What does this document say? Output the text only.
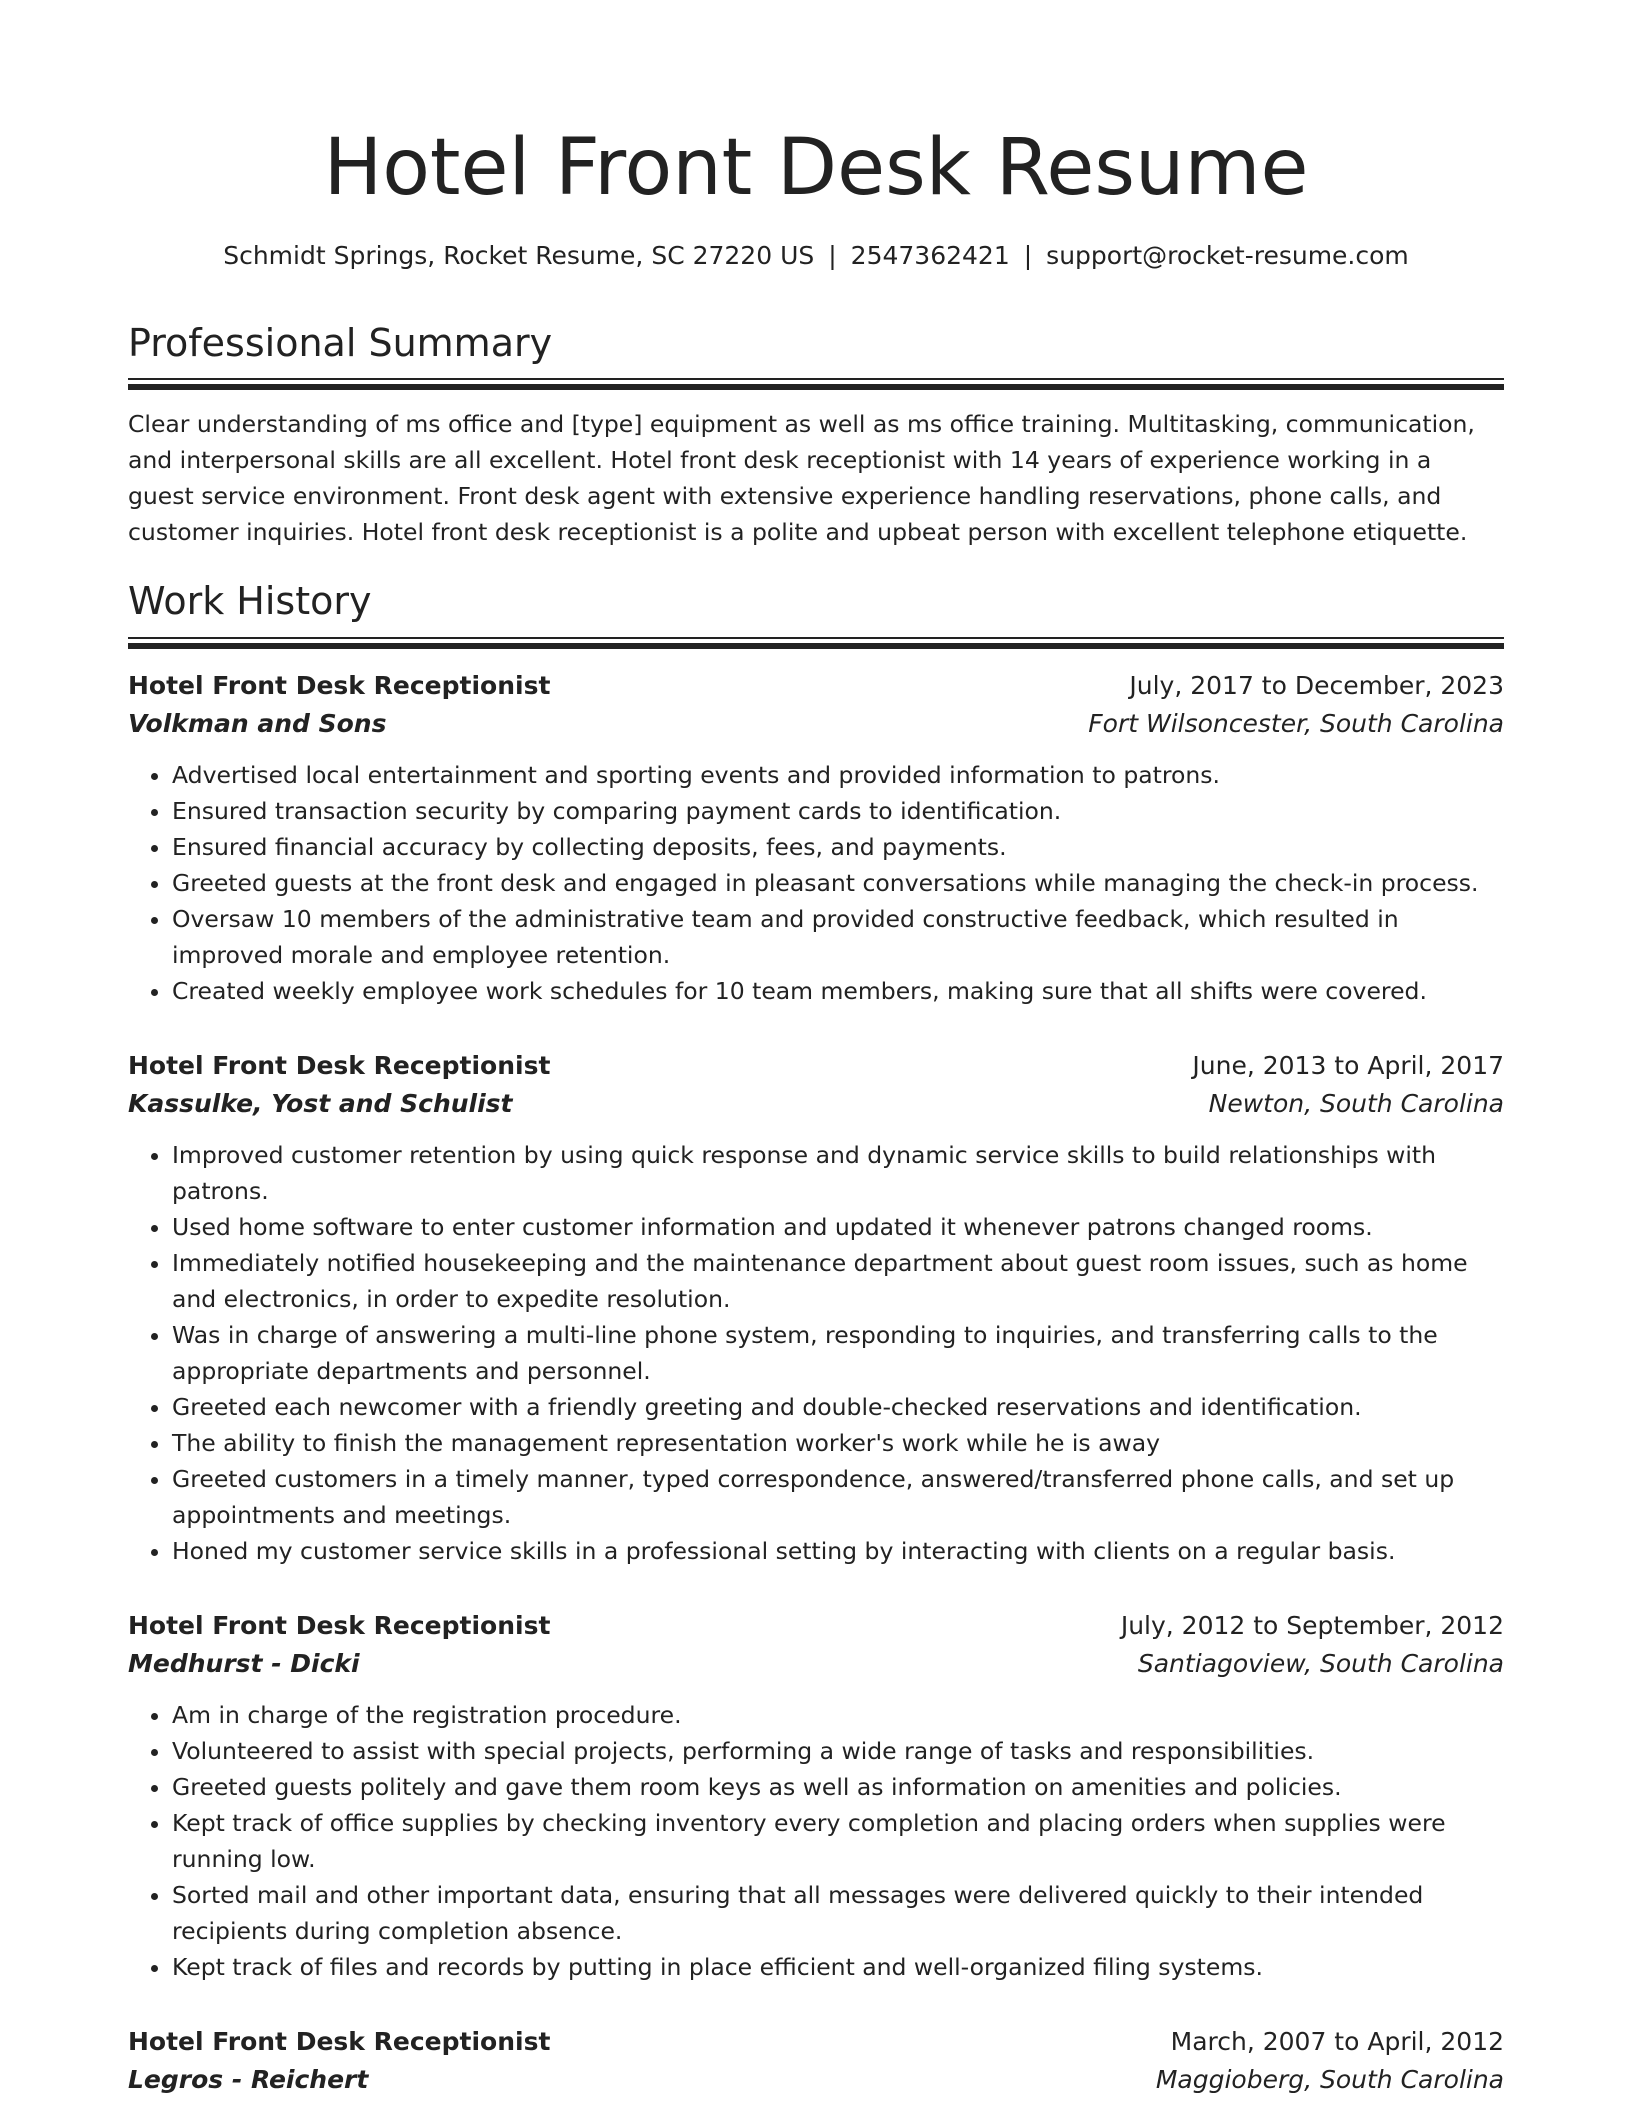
Hotel Front Desk Resume
Schmidt Springs, Rocket Resume, SC 27220 US | 2547362421 | support@rocket-resume.com
Professional Summary

Clear understanding of ms office and [type] equipment as well as ms office training. Multitasking, communication, and interpersonal skills are all excellent. Hotel front desk receptionist with 14 years of experience working in a guest service environment. Front desk agent with extensive experience handling reservations, phone calls, and customer inquiries. Hotel front desk receptionist is a polite and upbeat person with excellent telephone etiquette.

Work History
Hotel Front Desk Receptionist	July, 2017 to December, 2023
Volkman and Sons	Fort Wilsoncester, South Carolina
• Advertised local entertainment and sporting events and provided information to patrons.
• Ensured transaction security by comparing payment cards to identification.
• Ensured financial accuracy by collecting deposits, fees, and payments.
• Greeted guests at the front desk and engaged in pleasant conversations while managing the check-in process.
• Oversaw 10 members of the administrative team and provided constructive feedback, which resulted in improved morale and employee retention.
• Created weekly employee work schedules for 10 team members, making sure that all shifts were covered.
Hotel Front Desk Receptionist	June, 2013 to April, 2017
Kassulke, Yost and Schulist	Newton, South Carolina
• Improved customer retention by using quick response and dynamic service skills to build relationships with patrons.
• Used home software to enter customer information and updated it whenever patrons changed rooms.
• Immediately notified housekeeping and the maintenance department about guest room issues, such as home and electronics, in order to expedite resolution.
• Was in charge of answering a multi-line phone system, responding to inquiries, and transferring calls to the appropriate departments and personnel.
• Greeted each newcomer with a friendly greeting and double-checked reservations and identification.
• The ability to finish the management representation worker's work while he is away
• Greeted customers in a timely manner, typed correspondence, answered/transferred phone calls, and set up appointments and meetings.
• Honed my customer service skills in a professional setting by interacting with clients on a regular basis.
Hotel Front Desk Receptionist	July, 2012 to September, 2012
Medhurst - Dicki	Santiagoview, South Carolina
• Am in charge of the registration procedure.
• Volunteered to assist with special projects, performing a wide range of tasks and responsibilities.
• Greeted guests politely and gave them room keys as well as information on amenities and policies.
• Kept track of office supplies by checking inventory every completion and placing orders when supplies were running low.
• Sorted mail and other important data, ensuring that all messages were delivered quickly to their intended recipients during completion absence.
• Kept track of files and records by putting in place efficient and well-organized filing systems.
Hotel Front Desk Receptionist	March, 2007 to April, 2012
Legros - Reichert	Maggioberg, South Carolina
